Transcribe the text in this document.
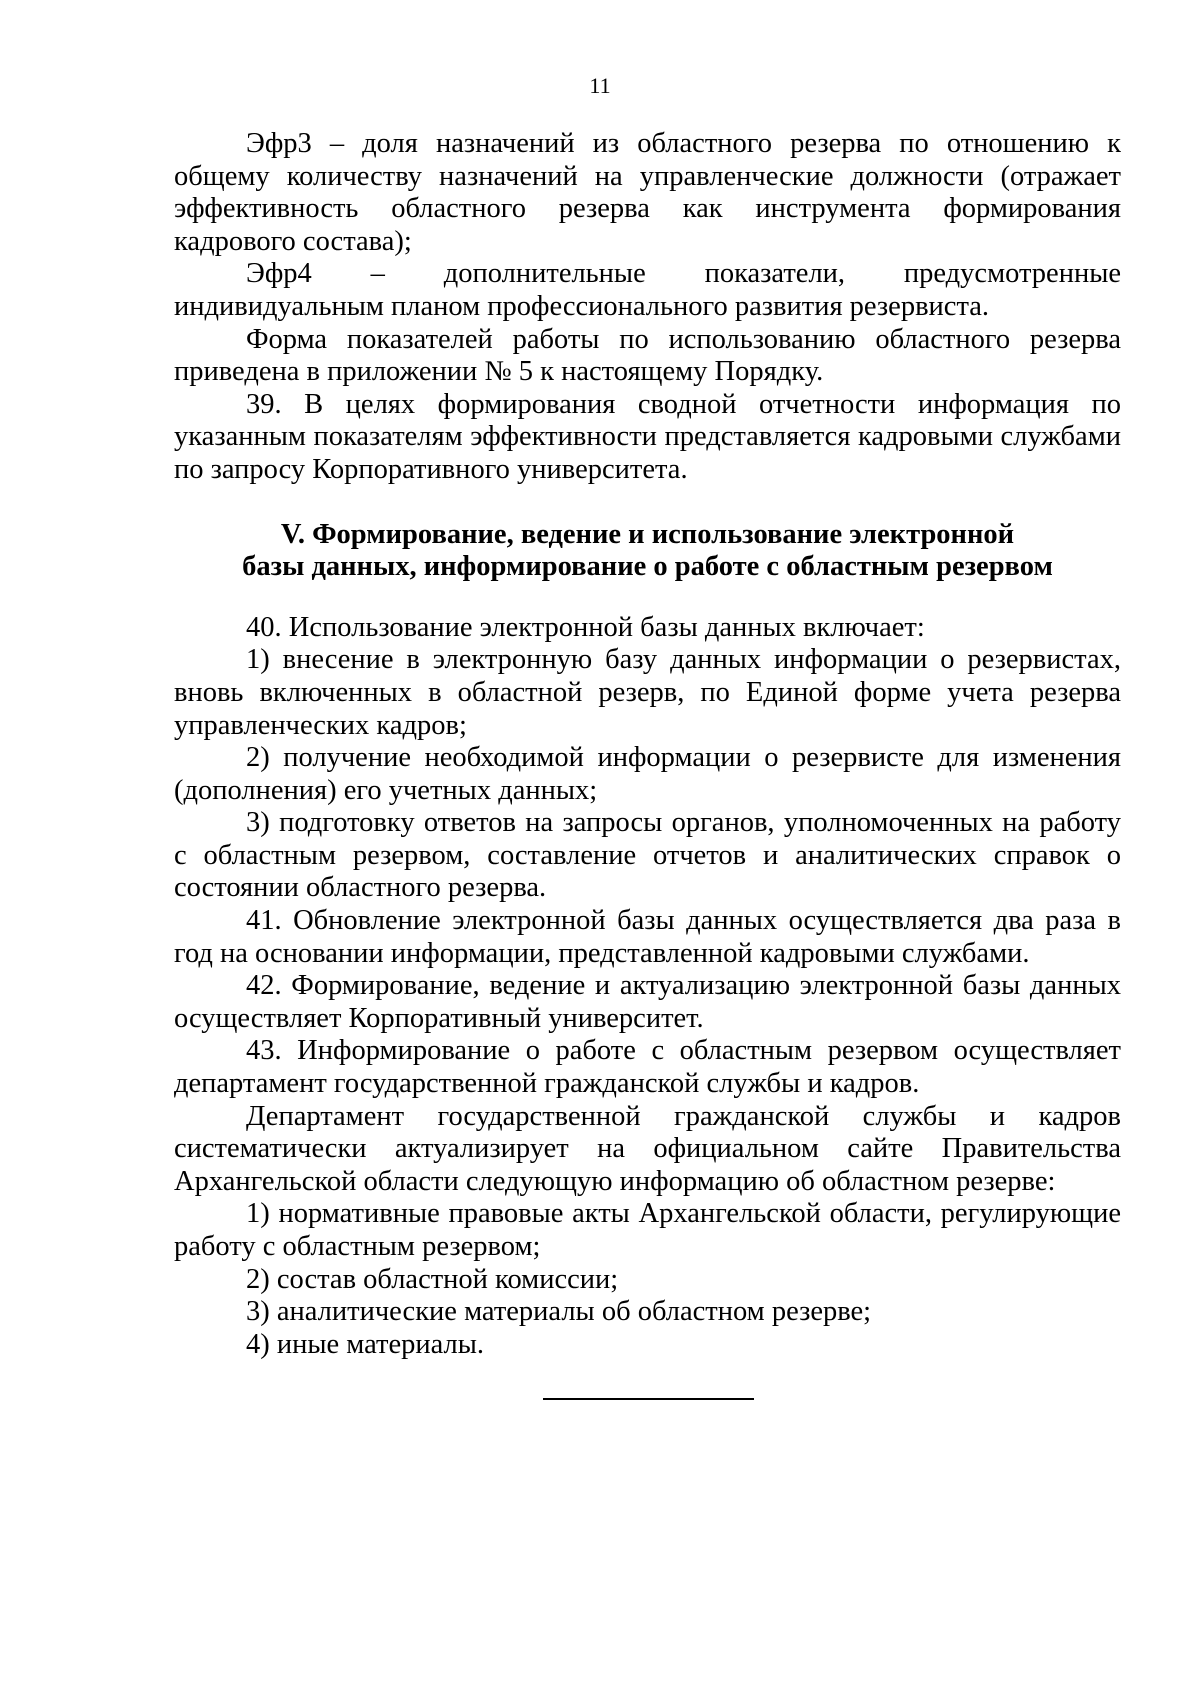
11

Эфр3 – доля назначений из областного резерва по отношению к общему количеству назначений на управленческие должности (отражает эффективность областного резерва как инструмента формирования кадрового состава);

Эфр4 – дополнительные показатели, предусмотренные индивидуальным планом профессионального развития резервиста.

Форма показателей работы по использованию областного резерва приведена в приложении № 5 к настоящему Порядку.

39. В целях формирования сводной отчетности информация по указанным показателям эффективности представляется кадровыми службами по запросу Корпоративного университета.

V. Формирование, ведение и использование электронной
базы данных, информирование о работе с областным резервом

40. Использование электронной базы данных включает:

1) внесение в электронную базу данных информации о резервистах, вновь включенных в областной резерв, по Единой форме учета резерва управленческих кадров;

2) получение необходимой информации о резервисте для изменения (дополнения) его учетных данных;

3) подготовку ответов на запросы органов, уполномоченных на работу с областным резервом, составление отчетов и аналитических справок о состоянии областного резерва.

41. Обновление электронной базы данных осуществляется два раза в год на основании информации, представленной кадровыми службами.

42. Формирование, ведение и актуализацию электронной базы данных осуществляет Корпоративный университет.

43. Информирование о работе с областным резервом осуществляет департамент государственной гражданской службы и кадров.

Департамент государственной гражданской службы и кадров систематически актуализирует на официальном сайте Правительства Архангельской области следующую информацию об областном резерве:

1) нормативные правовые акты Архангельской области, регулирующие работу с областным резервом;

2) состав областной комиссии;

3) аналитические материалы об областном резерве;

4) иные материалы.
